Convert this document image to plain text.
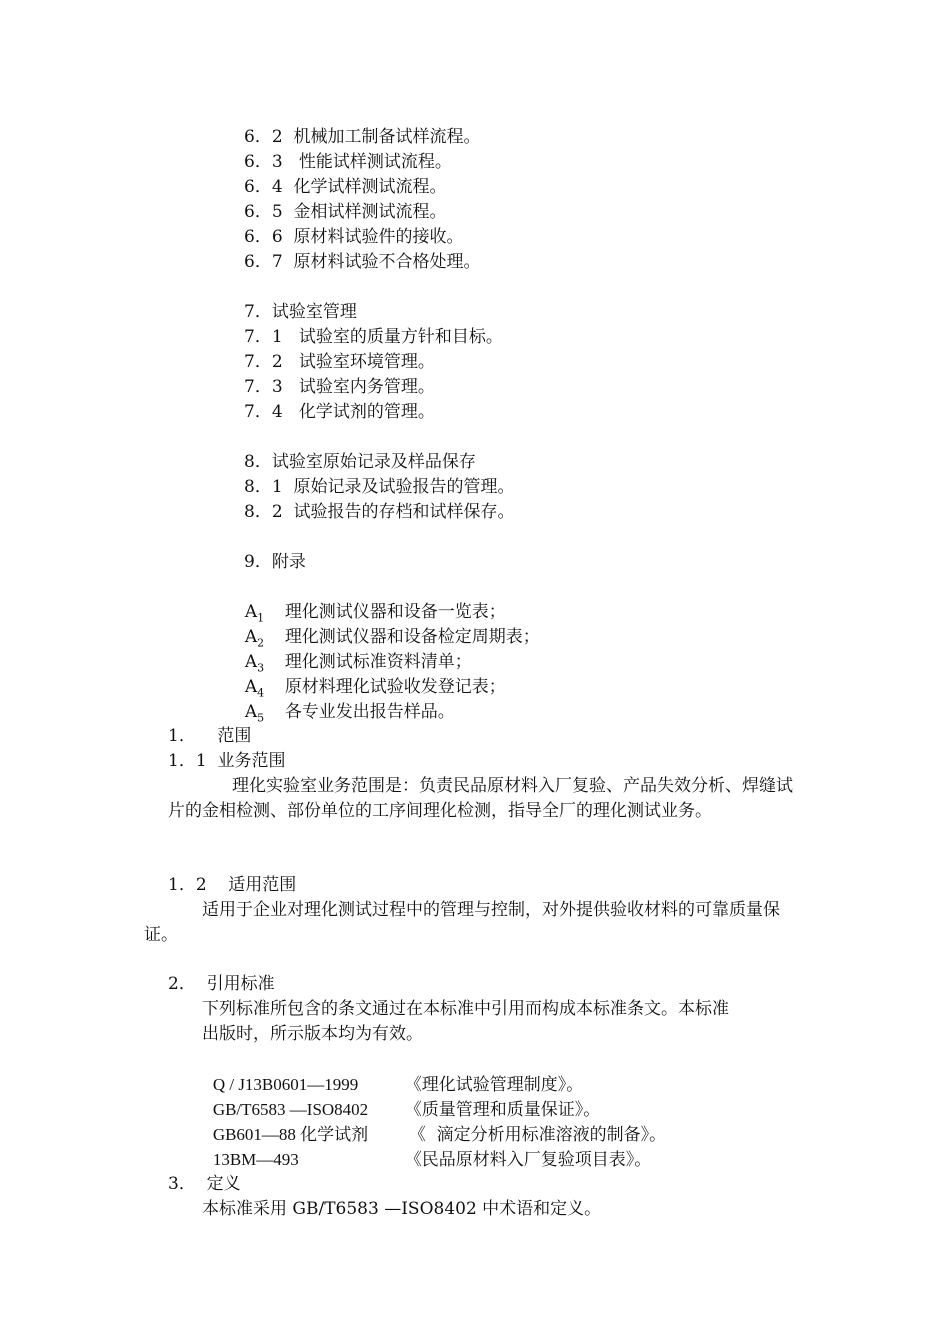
6．2  机械加工制备试样流程。
6．3   性能试样测试流程。
6．4  化学试样测试流程。
6．5  金相试样测试流程。
6．6  原材料试验件的接收。
6．7  原材料试验不合格处理。
7．试验室管理
7．1   试验室的质量方针和目标。
7．2   试验室环境管理。
7．3   试验室内务管理。
7．4   化学试剂的管理。
8．试验室原始记录及样品保存
8．1  原始记录及试验报告的管理。
8．2  试验报告的存档和试样保存。
9．附录

$A_1$ 理化测试仪器和设备一览表；

$A_2$ 理化测试仪器和设备检定周期表；

$A_3$ 理化测试标准资料清单；

$A_4$ 原材料理化试验收发登记表；

$A_5$ 各专业发出报告样品。

1．    范围
1．1  业务范围
理化实验室业务范围是：负责民品原材料入厂复验、产品失效分析、焊缝试片的金相检测、部份单位的工序间理化检测，指导全厂的理化测试业务。
1．2    适用范围
适用于企业对理化测试过程中的管理与控制，对外提供验收材料的可靠质量保证。
2．  引用标准
下列标准所包含的条文通过在本标准中引用而构成本标准条文。本标准
出版时，所示版本均为有效。

Q / J13B0601—1999	《理化试验管理制度》。

GB/T6583 —ISO8402 《质量管理和质量保证》。

GB601—88 化学试剂 《  滴定分析用标准溶液的制备》。

13BM—493	《民品原材料入厂复验项目表》。

3．  定义
本标准采用 GB/T6583 —ISO8402 中术语和定义。
